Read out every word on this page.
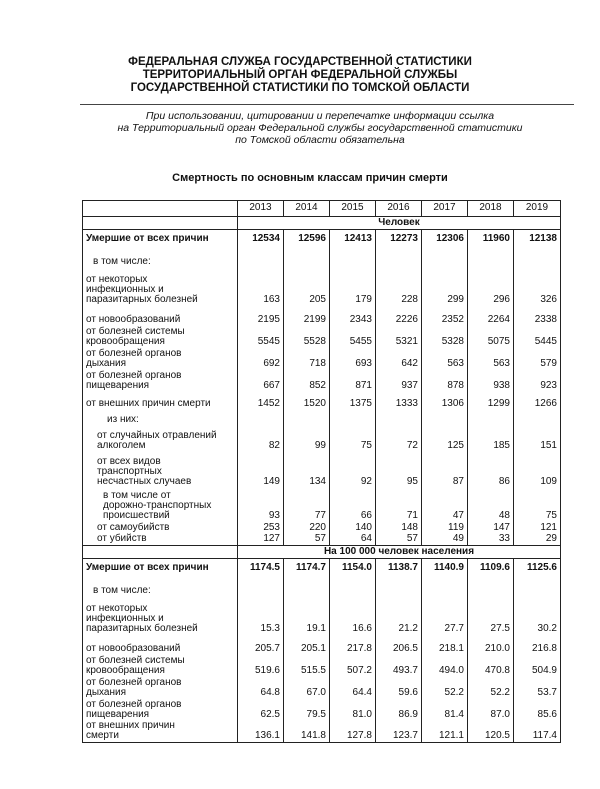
ФЕДЕРАЛЬНАЯ СЛУЖБА ГОСУДАРСТВЕННОЙ СТАТИСТИКИ
ТЕРРИТОРИАЛЬНЫЙ ОРГАН ФЕДЕРАЛЬНОЙ СЛУЖБЫ
ГОСУДАРСТВЕННОЙ СТАТИСТИКИ ПО ТОМСКОЙ ОБЛАСТИ
При использовании, цитировании и перепечатке информации ссылка
на Территориальный орган Федеральной службы государственной статистики
по Томской области обязательна
Смертность по основным классам причин смерти
	2013	2014	2015	2016	2017	2018	2019
	Человек						
Умершие от всех причин	12534	12596	12413	12273	12306	11960	12138
в том числе:							
от некоторых
инфекционных и
паразитарных болезней	163	205	179	228	299	296	326
от новообразований	2195	2199	2343	2226	2352	2264	2338
от болезней системы
кровообращения	5545	5528	5455	5321	5328	5075	5445
от болезней органов
дыхания	692	718	693	642	563	563	579
от болезней органов
пищеварения	667	852	871	937	878	938	923
от внешних причин смерти	1452	1520	1375	1333	1306	1299	1266
из них:							
от случайных отравлений
алкоголем	82	99	75	72	125	185	151
от всех видов
транспортных
несчастных случаев	149	134	92	95	87	86	109
в том числе от
дорожно-транспортных
происшествий	93	77	66	71	47	48	75
от самоубийств	253	220	140	148	119	147	121
от убийств	127	57	64	57	49	33	29
	На 100 000 человек населения						
Умершие от всех причин	1174.5	1174.7	1154.0	1138.7	1140.9	1109.6	1125.6
в том числе:							
от некоторых
инфекционных и
паразитарных болезней	15.3	19.1	16.6	21.2	27.7	27.5	30.2
от новообразований	205.7	205.1	217.8	206.5	218.1	210.0	216.8
от болезней системы
кровообращения	519.6	515.5	507.2	493.7	494.0	470.8	504.9
от болезней органов
дыхания	64.8	67.0	64.4	59.6	52.2	52.2	53.7
от болезней органов
пищеварения	62.5	79.5	81.0	86.9	81.4	87.0	85.6
от внешних причин
смерти	136.1	141.8	127.8	123.7	121.1	120.5	117.4
